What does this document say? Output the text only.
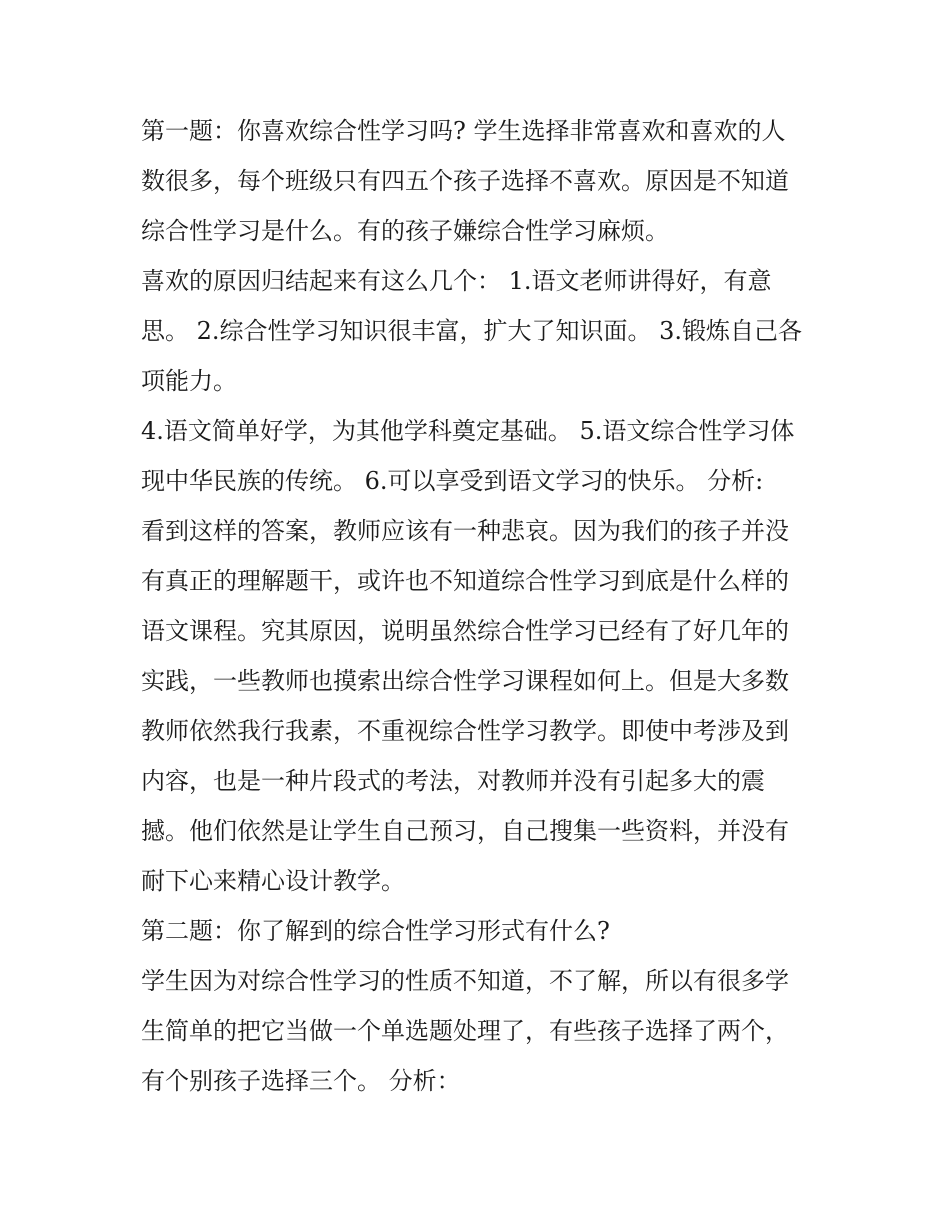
第一题：你喜欢综合性学习吗? 学生选择非常喜欢和喜欢的人
数很多，每个班级只有四五个孩子选择不喜欢。原因是不知道
综合性学习是什么。有的孩子嫌综合性学习麻烦。

喜欢的原因归结起来有这么几个： 1.语文老师讲得好，有意
思。 2.综合性学习知识很丰富，扩大了知识面。 3.锻炼自己各
项能力。

4.语文简单好学，为其他学科奠定基础。 5.语文综合性学习体
现中华民族的传统。 6.可以享受到语文学习的快乐。 分析:

看到这样的答案，教师应该有一种悲哀。因为我们的孩子并没
有真正的理解题干，或许也不知道综合性学习到底是什么样的
语文课程。究其原因，说明虽然综合性学习已经有了好几年的
实践，一些教师也摸索出综合性学习课程如何上。但是大多数
教师依然我行我素，不重视综合性学习教学。即使中考涉及到
内容，也是一种片段式的考法，对教师并没有引起多大的震
撼。他们依然是让学生自己预习，自己搜集一些资料，并没有
耐下心来精心设计教学。

第二题：你了解到的综合性学习形式有什么?

学生因为对综合性学习的性质不知道，不了解，所以有很多学
生简单的把它当做一个单选题处理了，有些孩子选择了两个，
有个别孩子选择三个。 分析：
